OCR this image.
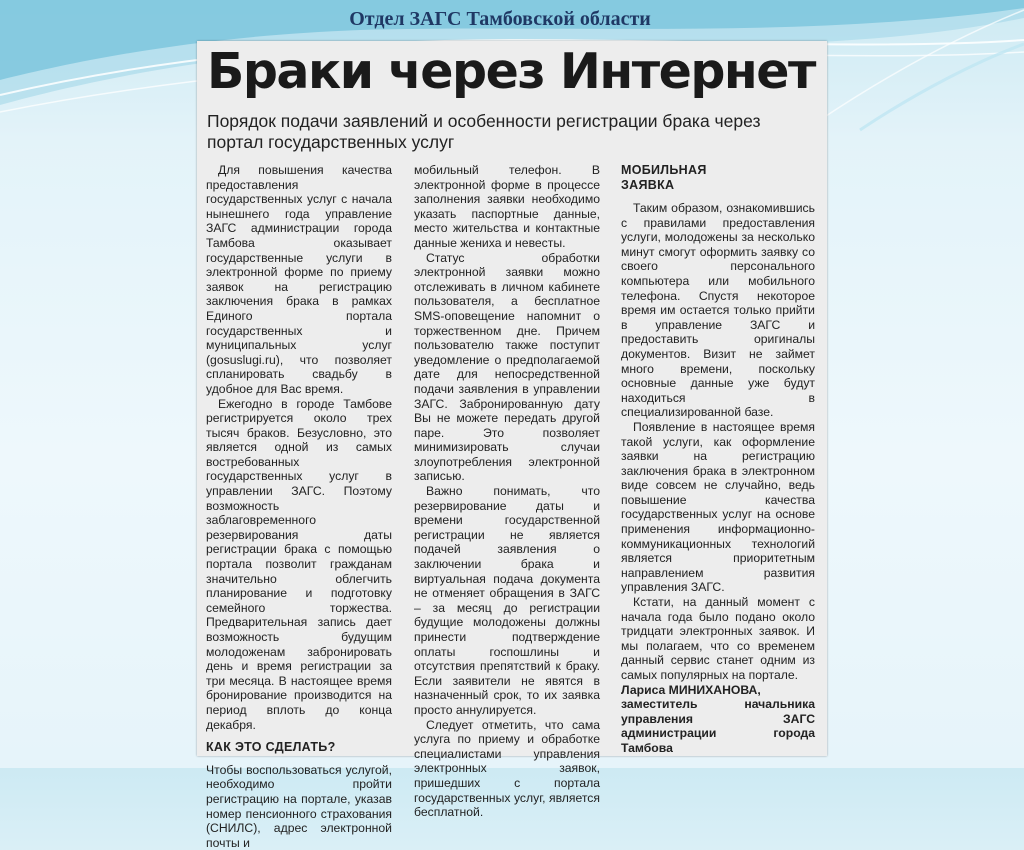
Отдел ЗАГС Тамбовской области
Браки через Интернет

Порядок подачи заявлений и особенности регистрации брака через портал государственных услуг

Для повышения качества предоставления государственных услуг с начала нынешнего года управление ЗАГС администрации города Тамбова оказывает государственные услуги в электронной форме по приему заявок на регистрацию заключения брака в рамках Единого портала государственных и муниципальных услуг (gosuslugi.ru), что позволяет спланировать свадьбу в удобное для Вас время.

Ежегодно в городе Тамбове регистрируется около трех тысяч браков. Безусловно, это является одной из самых востребованных государственных услуг в управлении ЗАГС. Поэтому возможность заблаговременного резервирования даты регистрации брака с помощью портала позволит гражданам значительно облегчить планирование и подготовку семейного торжества. Предварительная запись дает возможность будущим молодоженам забронировать день и время регистрации за три месяца. В настоящее время бронирование производится на период вплоть до конца декабря.

КАК ЭТО СДЕЛАТЬ?

Чтобы воспользоваться услугой, необходимо пройти регистрацию на портале, указав номер пенсионного страхования (СНИЛС), адрес электронной почты и

мобильный телефон. В электронной форме в процессе заполнения заявки необходимо указать паспортные данные, место жительства и контактные данные жениха и невесты.

Статус обработки электронной заявки можно отслеживать в личном кабинете пользователя, а бесплатное SMS-оповещение напомнит о торжественном дне. Причем пользователю также поступит уведомление о предполагаемой дате для непосредственной подачи заявления в управлении ЗАГС. Забронированную дату Вы не можете передать другой паре. Это позволяет минимизировать случаи злоупотребления электронной записью.

Важно понимать, что резервирование даты и времени государственной регистрации не является подачей заявления о заключении брака и виртуальная подача документа не отменяет обращения в ЗАГС – за месяц до регистрации будущие молодожены должны принести подтверждение оплаты госпошлины и отсутствия препятствий к браку. Если заявители не явятся в назначенный срок, то их заявка просто аннулируется.

Следует отметить, что сама услуга по приему и обработке специалистами управления электронных заявок, пришедших с портала государственных услуг, является бесплатной.

МОБИЛЬНАЯ ЗАЯВКА

Таким образом, ознакомившись с правилами предоставления услуги, молодожены за несколько минут смогут оформить заявку со своего персонального компьютера или мобильного телефона. Спустя некоторое время им остается только прийти в управление ЗАГС и предоставить оригиналы документов. Визит не займет много времени, поскольку основные данные уже будут находиться в специализированной базе.

Появление в настоящее время такой услуги, как оформление заявки на регистрацию заключения брака в электронном виде совсем не случайно, ведь повышение качества государственных услуг на основе применения информационно-коммуникационных технологий является приоритетным направлением развития управления ЗАГС.

Кстати, на данный момент с начала года было подано около тридцати электронных заявок. И мы полагаем, что со временем данный сервис станет одним из самых популярных на портале.

Лариса МИНИХАНОВА,

заместитель начальника управления ЗАГС администрации города Тамбова
